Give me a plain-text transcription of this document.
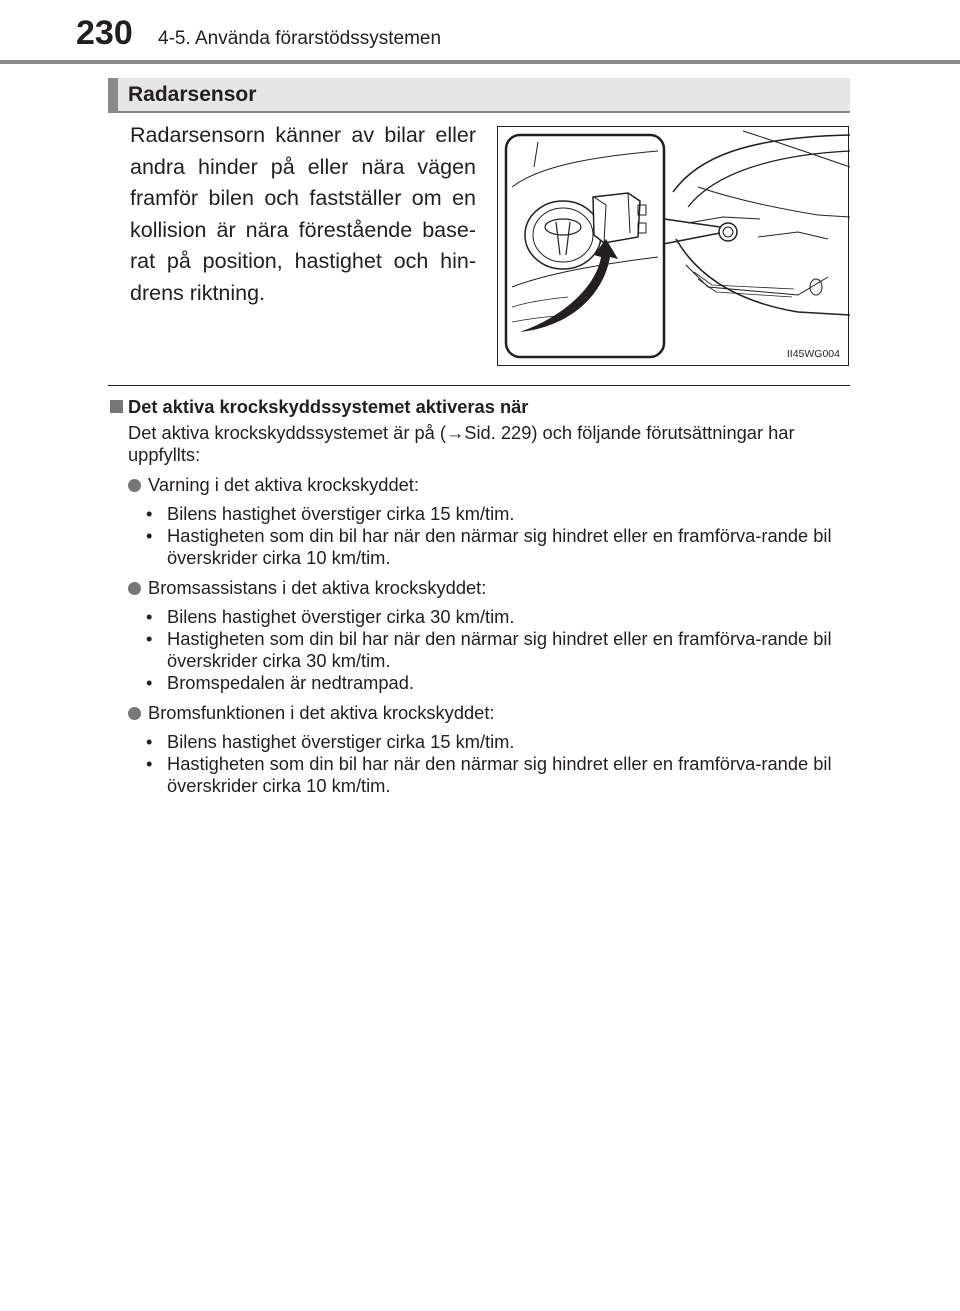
230 4-5. Använda förarstödssystemen
Radarsensor
Radarsensorn känner av bilar eller andra hinder på eller nära vägen framför bilen och fastställer om en kollision är nära förestående base-rat på position, hastighet och hin-drens riktning.
II45WG004
Det aktiva krockskyddssystemet aktiveras när
Det aktiva krockskyddssystemet är på (→Sid. 229) och följande förutsättningar har uppfyllts:
Varning i det aktiva krockskyddet:
• Bilens hastighet överstiger cirka 15 km/tim.
• Hastigheten som din bil har när den närmar sig hindret eller en framförva-rande bil överskrider cirka 10 km/tim.
Bromsassistans i det aktiva krockskyddet:
• Bilens hastighet överstiger cirka 30 km/tim.
• Hastigheten som din bil har när den närmar sig hindret eller en framförva-rande bil överskrider cirka 30 km/tim.
• Bromspedalen är nedtrampad.
Bromsfunktionen i det aktiva krockskyddet:
• Bilens hastighet överstiger cirka 15 km/tim.
• Hastigheten som din bil har när den närmar sig hindret eller en framförva-rande bil överskrider cirka 10 km/tim.
